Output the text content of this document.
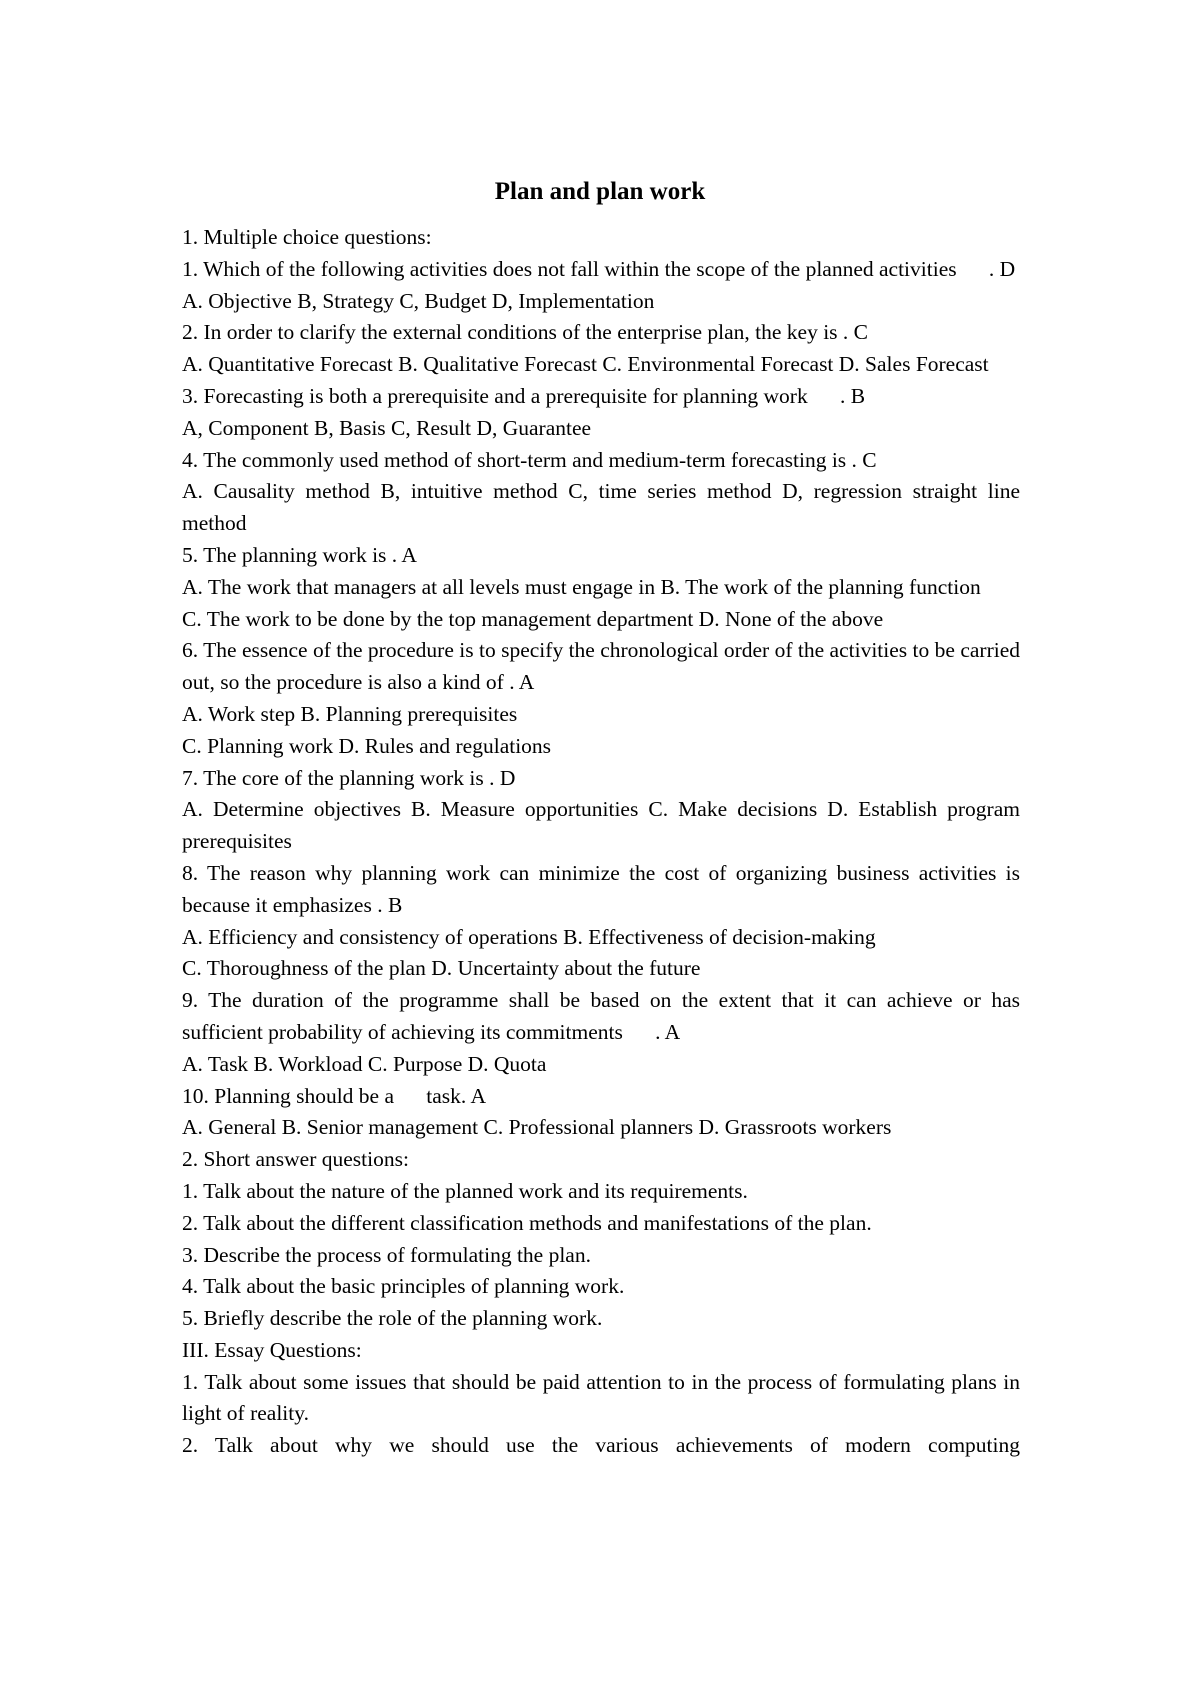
Plan and plan work

1. Multiple choice questions:

1. Which of the following activities does not fall within the scope of the planned activities      . D

A. Objective B, Strategy C, Budget D, Implementation

2. In order to clarify the external conditions of the enterprise plan, the key is . C

A. Quantitative Forecast B. Qualitative Forecast C. Environmental Forecast D. Sales Forecast

3. Forecasting is both a prerequisite and a prerequisite for planning work      . B

A, Component B, Basis C, Result D, Guarantee

4. The commonly used method of short-term and medium-term forecasting is . C

A. Causality method B, intuitive method C, time series method D, regression straight line method

5. The planning work is . A

A. The work that managers at all levels must engage in B. The work of the planning function

C. The work to be done by the top management department D. None of the above

6. The essence of the procedure is to specify the chronological order of the activities to be carried out, so the procedure is also a kind of . A

A. Work step B. Planning prerequisites

C. Planning work D. Rules and regulations

7. The core of the planning work is . D

A. Determine objectives B. Measure opportunities C. Make decisions D. Establish program prerequisites

8. The reason why planning work can minimize the cost of organizing business activities is because it emphasizes . B

A. Efficiency and consistency of operations B. Effectiveness of decision-making

C. Thoroughness of the plan D. Uncertainty about the future

9. The duration of the programme shall be based on the extent that it can achieve or has sufficient probability of achieving its commitments      . A

A. Task B. Workload C. Purpose D. Quota

10. Planning should be a      task. A

A. General B. Senior management C. Professional planners D. Grassroots workers

2. Short answer questions:

1. Talk about the nature of the planned work and its requirements.

2. Talk about the different classification methods and manifestations of the plan.

3. Describe the process of formulating the plan.

4. Talk about the basic principles of planning work.

5. Briefly describe the role of the planning work.

III. Essay Questions:

1. Talk about some issues that should be paid attention to in the process of formulating plans in light of reality.

2. Talk about why we should use the various achievements of modern computing
